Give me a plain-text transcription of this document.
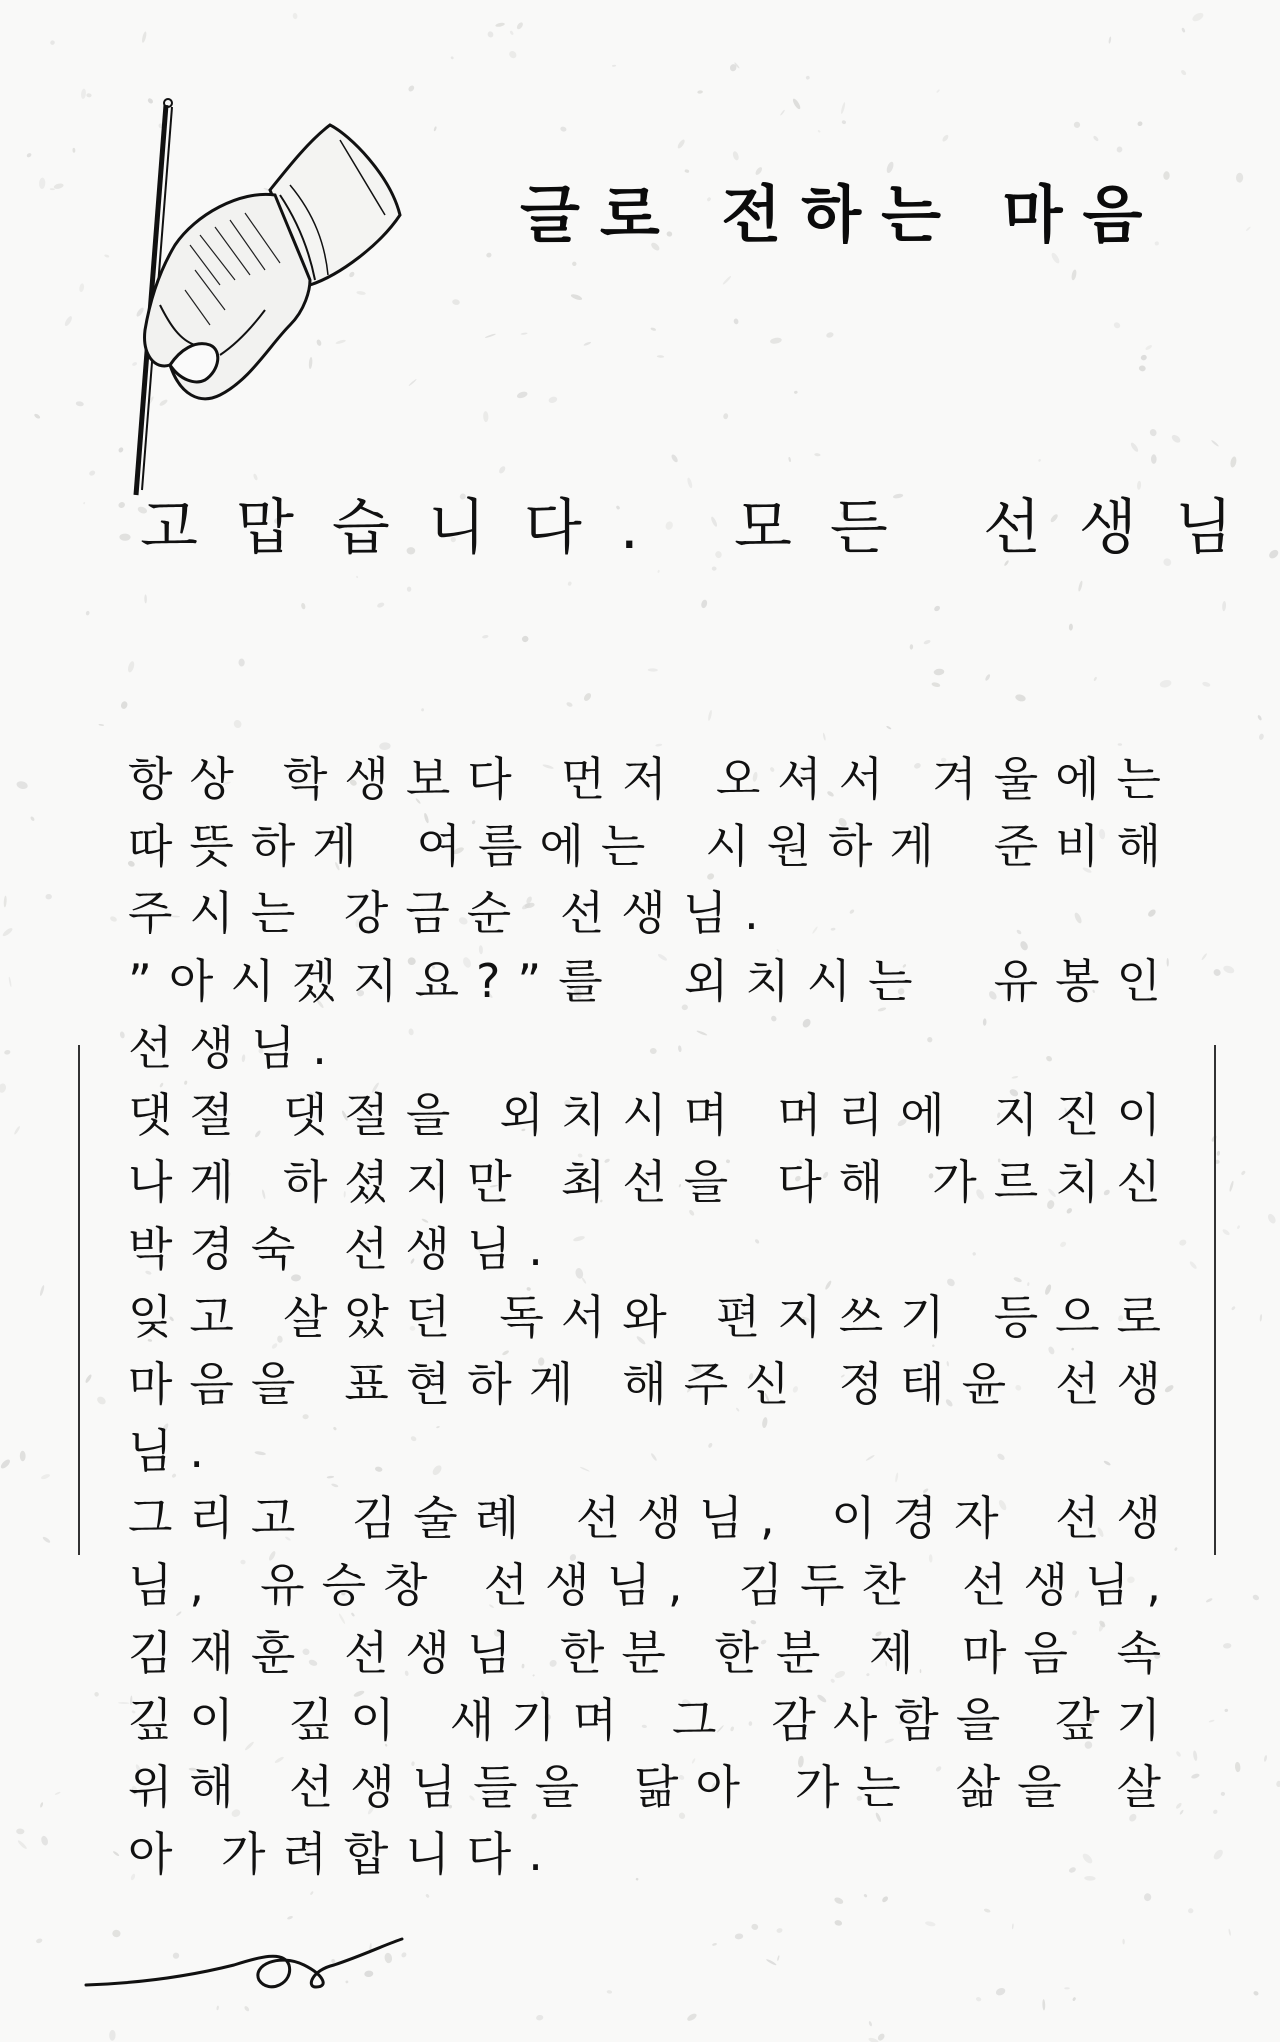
글로 전하는 마음
고맙습니다. 모든 선생님

항상 학생보다 먼저 오셔서 겨울에는 따뜻하게 여름에는 시원하게 준비해 주시는 강금순 선생님.

”아시겠지요?”를 외치시는 유봉인 선생님.

댓절 댓절을 외치시며 머리에 지진이 나게 하셨지만 최선을 다해 가르치신 박경숙 선생님.

잊고 살았던 독서와 편지쓰기 등으로 마음을 표현하게 해주신 정태윤 선생님.

그리고 김술례 선생님, 이경자 선생님, 유승창 선생님, 김두찬 선생님, 김재훈 선생님 한분 한분 제 마음 속 깊이 깊이 새기며 그 감사함을 갚기 위해 선생님들을 닮아 가는 삶을 살아 가려합니다.
